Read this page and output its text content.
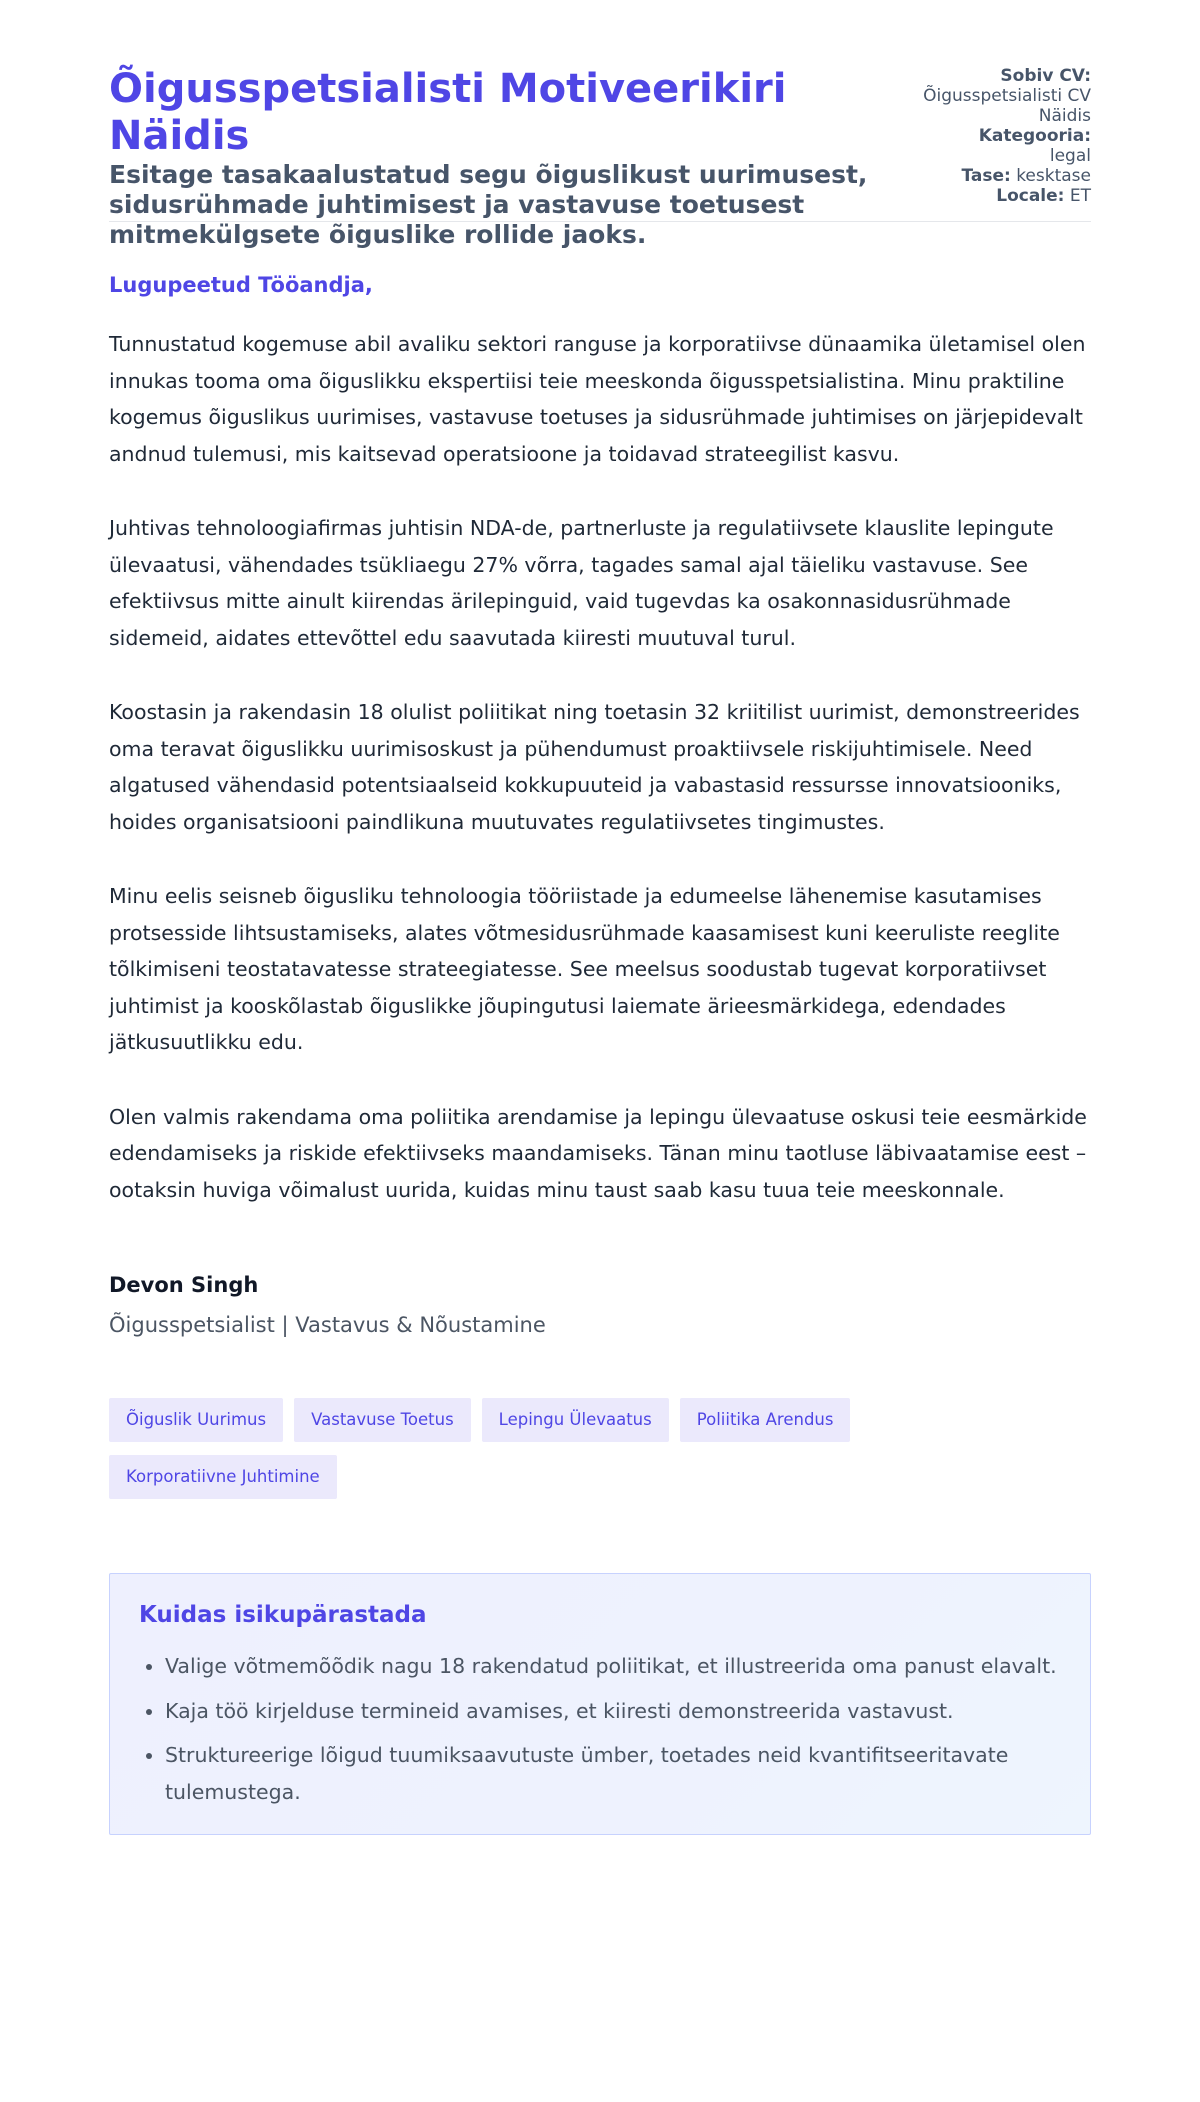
Õigusspetsialisti Motiveerikiri Näidis
Esitage tasakaalustatud segu õiguslikust uurimusest, sidusrühmade juhtimisest ja vastavuse toetusest mitmekülgsete õiguslike rollide jaoks.
Sobiv CV:
Õigusspetsialisti CV Näidis
Kategooria:
legal
Tase: kesktase
Locale: ET

Lugupeetud Tööandja,

Tunnustatud kogemuse abil avaliku sektori ranguse ja korporatiivse dünaamika ületamisel olen innukas tooma oma õiguslikku ekspertiisi teie meeskonda õigusspetsialistina. Minu praktiline kogemus õiguslikus uurimises, vastavuse toetuses ja sidusrühmade juhtimises on järjepidevalt andnud tulemusi, mis kaitsevad operatsioone ja toidavad strateegilist kasvu.

Juhtivas tehnoloogiafirmas juhtisin NDA-de, partnerluste ja regulatiivsete klauslite lepingute ülevaatusi, vähendades tsükliaegu 27% võrra, tagades samal ajal täieliku vastavuse. See efektiivsus mitte ainult kiirendas ärilepinguid, vaid tugevdas ka osakonnasidusrühmade sidemeid, aidates ettevõttel edu saavutada kiiresti muutuval turul.

Koostasin ja rakendasin 18 olulist poliitikat ning toetasin 32 kriitilist uurimist, demonstreerides oma teravat õiguslikku uurimisoskust ja pühendumust proaktiivsele riskijuhtimisele. Need algatused vähendasid potentsiaalseid kokkupuuteid ja vabastasid ressursse innovatsiooniks, hoides organisatsiooni paindlikuna muutuvates regulatiivsetes tingimustes.

Minu eelis seisneb õigusliku tehnoloogia tööriistade ja edumeelse lähenemise kasutamises protsesside lihtsustamiseks, alates võtmesidusrühmade kaasamisest kuni keeruliste reeglite tõlkimiseni teostatavatesse strateegiatesse. See meelsus soodustab tugevat korporatiivset juhtimist ja kooskõlastab õiguslikke jõupingutusi laiemate ärieesmärkidega, edendades jätkusuutlikku edu.

Olen valmis rakendama oma poliitika arendamise ja lepingu ülevaatuse oskusi teie eesmärkide edendamiseks ja riskide efektiivseks maandamiseks. Tänan minu taotluse läbivaatamise eest – ootaksin huviga võimalust uurida, kuidas minu taust saab kasu tuua teie meeskonnale.

Devon Singh
Õigusspetsialist | Vastavus & Nõustamine
Õiguslik Uurimus	Vastavuse Toetus	Lepingu Ülevaatus	Poliitika Arendus
Korporatiivne Juhtimine
Kuidas isikupärastada
• Valige võtmemõõdik nagu 18 rakendatud poliitikat, et illustreerida oma panust elavalt.
• Kaja töö kirjelduse termineid avamises, et kiiresti demonstreerida vastavust.
• Struktureerige lõigud tuumiksaavutuste ümber, toetades neid kvantifitseeritavate tulemustega.
